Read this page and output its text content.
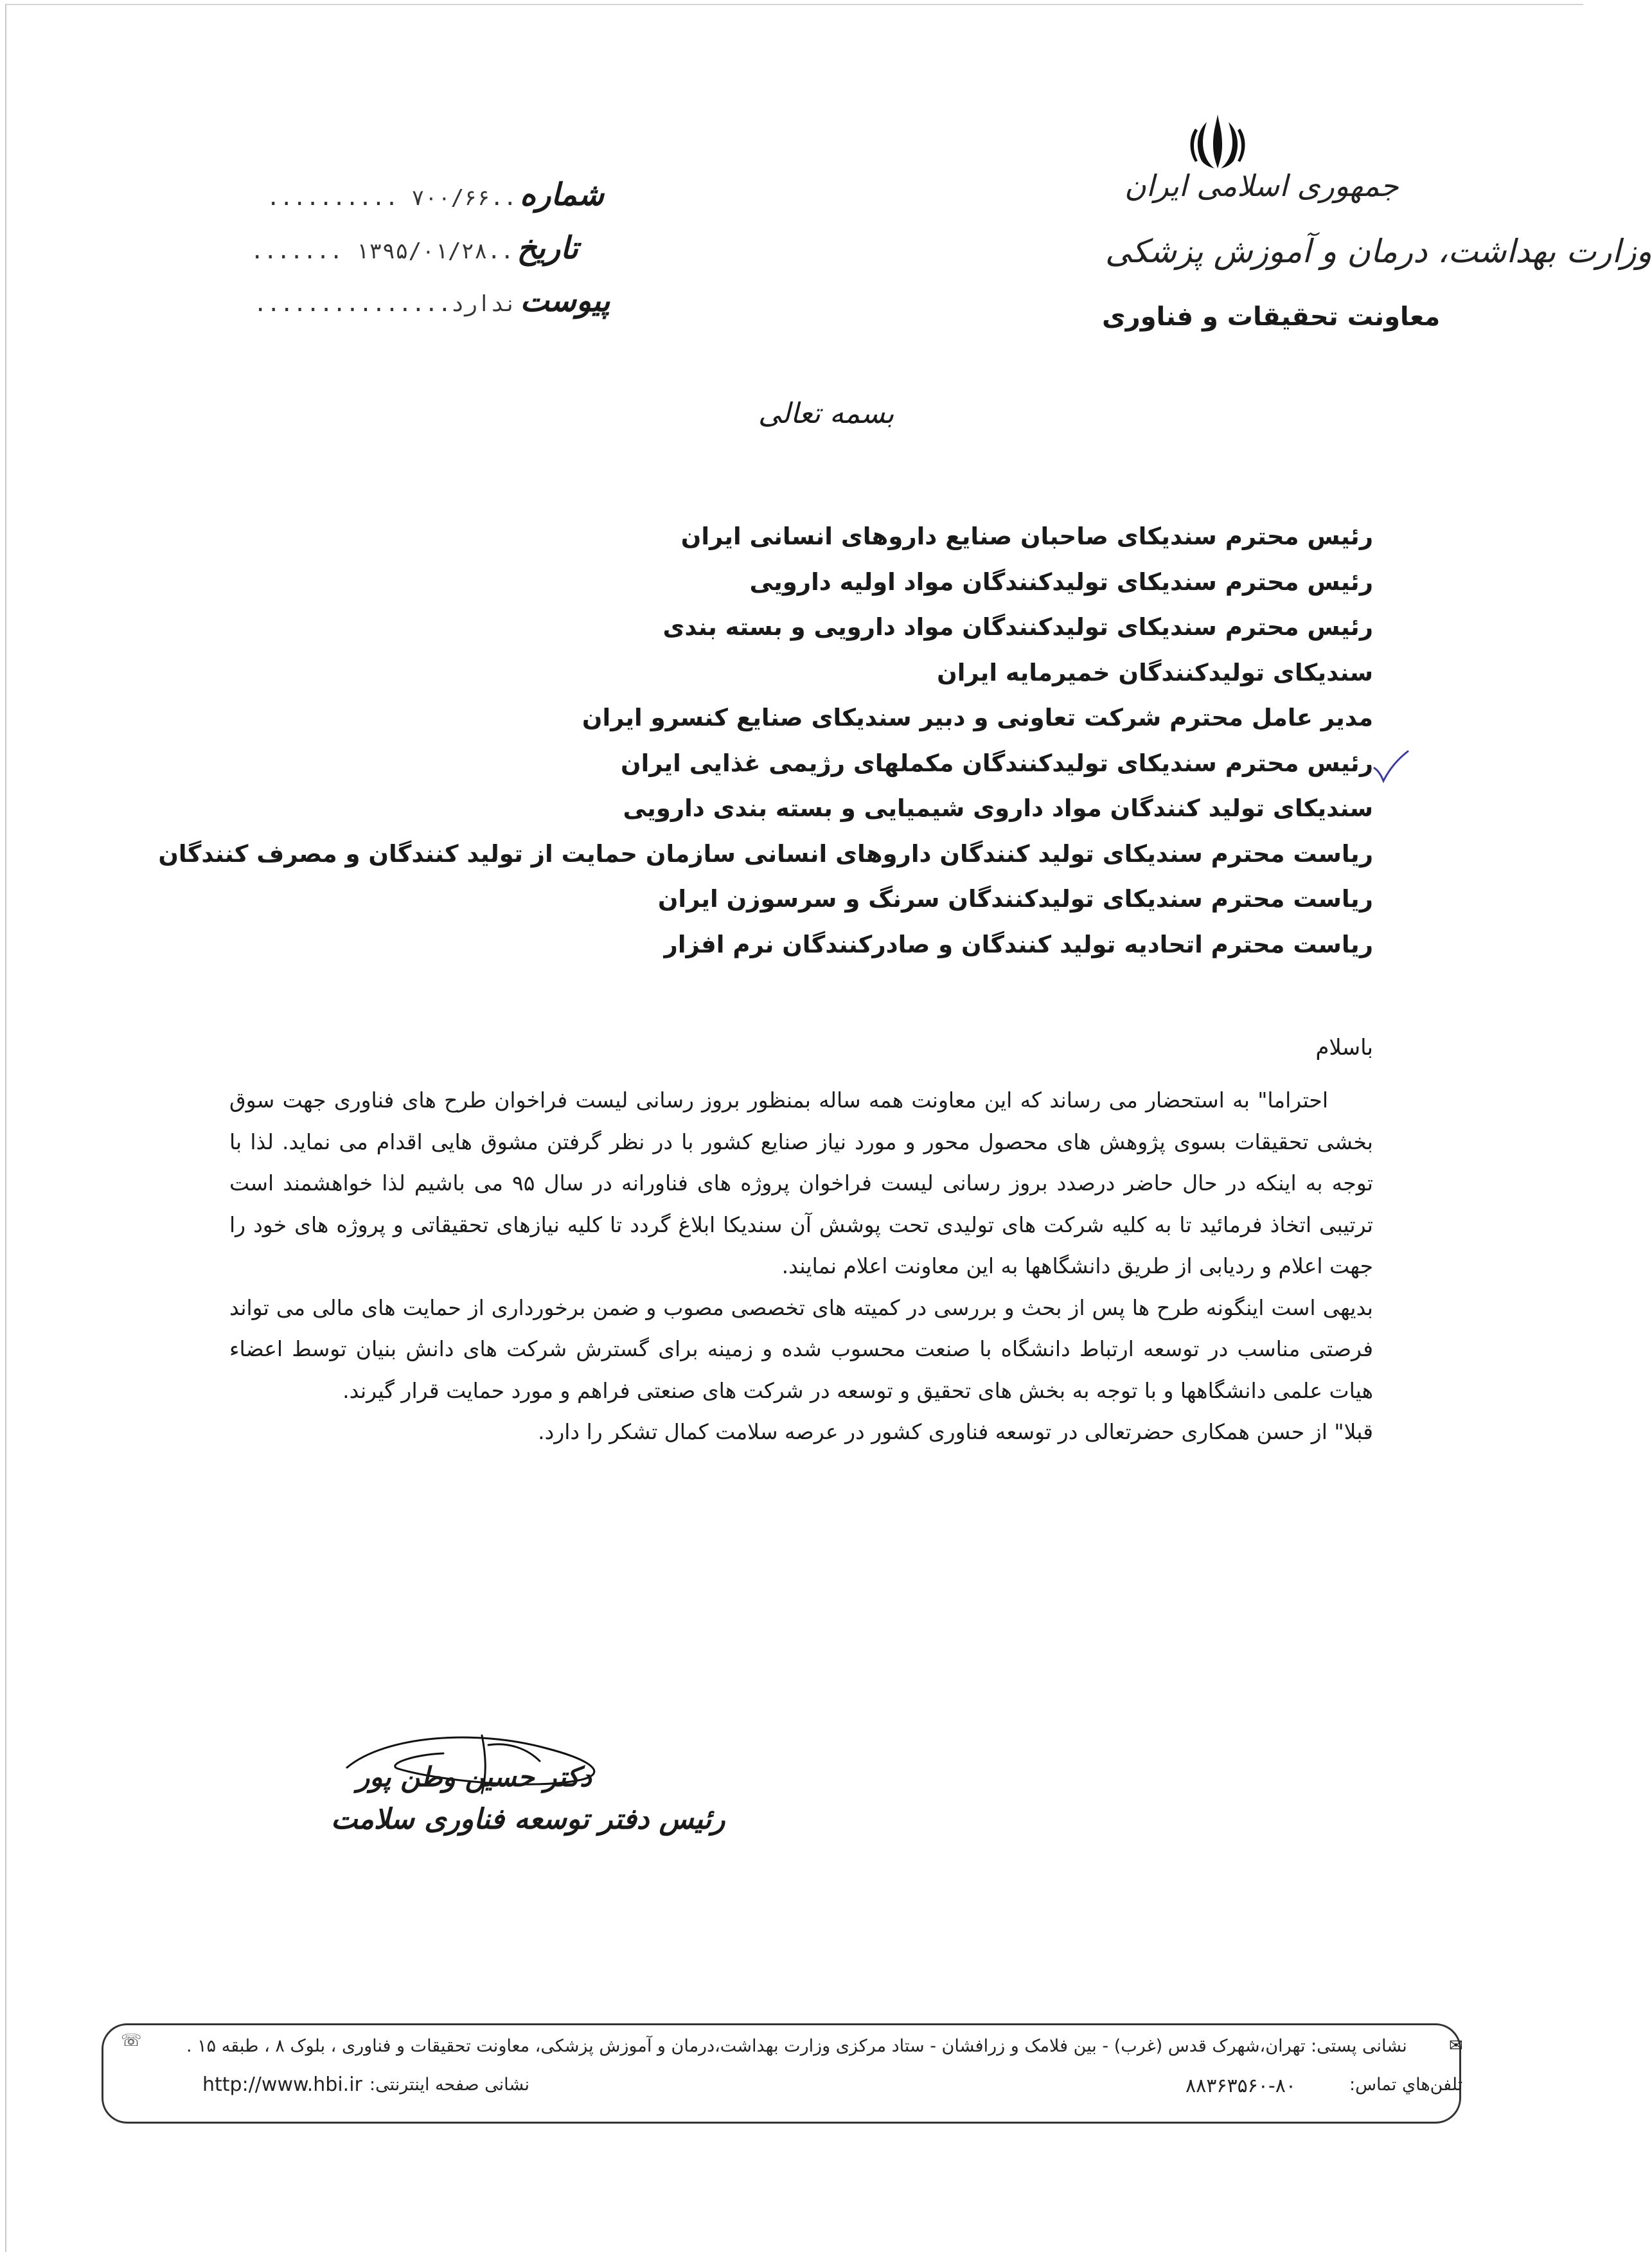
جمهوری اسلامی ایران
وزارت بهداشت، درمان و آموزش پزشکی
معاونت تحقیقات و فناوری
شماره ..۷۰۰/۶۶ ..........
تاریخ ..۱۳۹۵/۰۱/۲۸ .......
پیوست ندارد...............
بسمه تعالی
رئیس محترم سندیکای صاحبان صنایع داروهای انسانی ایران
رئیس محترم سندیکای تولیدکنندگان مواد اولیه دارویی
رئیس محترم سندیکای تولیدکنندگان مواد دارویی و بسته بندی
سندیکای تولیدکنندگان خمیرمایه ایران
مدیر عامل محترم شرکت تعاونی و دبیر سندیکای صنایع کنسرو ایران
رئیس محترم سندیکای تولیدکنندگان مکملهای رژیمی غذایی ایران
سندیکای تولید کنندگان مواد داروی شیمیایی و بسته بندی دارویی
ریاست محترم سندیکای تولید کنندگان داروهای انسانی سازمان حمایت از تولید کنندگان و مصرف کنندگان
ریاست محترم سندیکای تولیدکنندگان سرنگ و سرسوزن ایران
ریاست محترم اتحادیه تولید کنندگان و صادرکنندگان نرم افزار
باسلام

احتراما" به استحضار می رساند که این معاونت همه ساله بمنظور بروز رسانی لیست فراخوان طرح های فناوری جهت سوق بخشی تحقیقات بسوی پژوهش های محصول محور و مورد نیاز صنایع کشور با در نظر گرفتن مشوق هایی اقدام می نماید. لذا با توجه به اینکه در حال حاضر درصدد بروز رسانی لیست فراخوان پروژه های فناورانه در سال ۹۵ می باشیم لذا خواهشمند است ترتیبی اتخاذ فرمائید تا به کلیه شرکت های تولیدی تحت پوشش آن سندیکا ابلاغ گردد تا کلیه نیازهای تحقیقاتی و پروژه های خود را جهت اعلام و ردیابی از طریق دانشگاهها به این معاونت اعلام نمایند.

بدیهی است اینگونه طرح ها پس از بحث و بررسی در کمیته های تخصصی مصوب و ضمن برخورداری از حمایت های مالی می تواند فرصتی مناسب در توسعه ارتباط دانشگاه با صنعت محسوب شده و زمینه برای گسترش شرکت های دانش بنیان توسط اعضاء هیات علمی دانشگاهها و با توجه به بخش های تحقیق و توسعه در شرکت های صنعتی فراهم و مورد حمایت قرار گیرند.

قبلا" از حسن همکاری حضرتعالی در توسعه فناوری کشور در عرصه سلامت کمال تشکر را دارد.

دکتر حسین وطن پور
رئیس دفتر توسعه فناوری سلامت
✉
☏	نشانی پستی: تهران،شهرک قدس (غرب) - بین فلامک و زرافشان - ستاد مرکزی وزارت بهداشت،درمان و آموزش پزشکی، معاونت تحقیقات و فناوری ، بلوک ۸ ، طبقه ۱۵ .
تلفن‌هاي تماس:
۸۸۳۶۳۵۶۰-۸۰
نشانی صفحه اینترنتی:
http://www.hbi.ir
